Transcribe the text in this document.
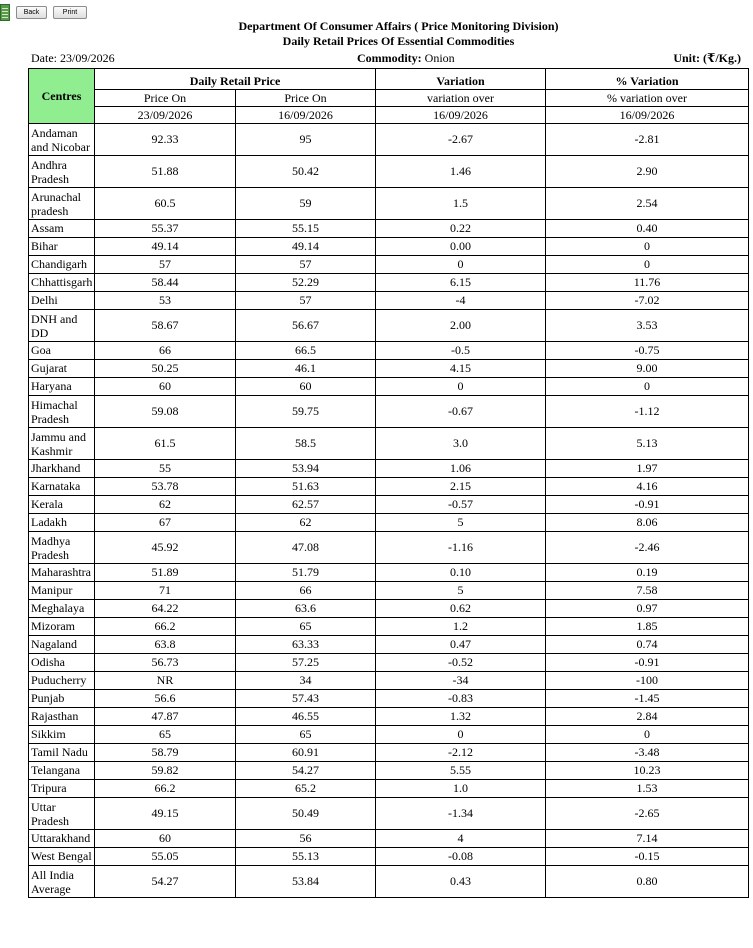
Back	Print
Department Of Consumer Affairs ( Price Monitoring Division)
Daily Retail Prices Of Essential Commodities
Date: 23/09/2026	Commodity: Onion	Unit: (₹/Kg.)
Centres	Daily Retail Price		Variation	% Variation
	Price On	Price On	variation over	% variation over
	23/09/2026	16/09/2026	16/09/2026	16/09/2026
Andaman
and Nicobar	92.33	95	-2.67	-2.81
Andhra
Pradesh	51.88	50.42	1.46	2.90
Arunachal
pradesh	60.5	59	1.5	2.54
Assam	55.37	55.15	0.22	0.40
Bihar	49.14	49.14	0.00	0
Chandigarh	57	57	0	0
Chhattisgarh	58.44	52.29	6.15	11.76
Delhi	53	57	-4	-7.02
DNH and
DD	58.67	56.67	2.00	3.53
Goa	66	66.5	-0.5	-0.75
Gujarat	50.25	46.1	4.15	9.00
Haryana	60	60	0	0
Himachal
Pradesh	59.08	59.75	-0.67	-1.12
Jammu and
Kashmir	61.5	58.5	3.0	5.13
Jharkhand	55	53.94	1.06	1.97
Karnataka	53.78	51.63	2.15	4.16
Kerala	62	62.57	-0.57	-0.91
Ladakh	67	62	5	8.06
Madhya
Pradesh	45.92	47.08	-1.16	-2.46
Maharashtra	51.89	51.79	0.10	0.19
Manipur	71	66	5	7.58
Meghalaya	64.22	63.6	0.62	0.97
Mizoram	66.2	65	1.2	1.85
Nagaland	63.8	63.33	0.47	0.74
Odisha	56.73	57.25	-0.52	-0.91
Puducherry	NR	34	-34	-100
Punjab	56.6	57.43	-0.83	-1.45
Rajasthan	47.87	46.55	1.32	2.84
Sikkim	65	65	0	0
Tamil Nadu	58.79	60.91	-2.12	-3.48
Telangana	59.82	54.27	5.55	10.23
Tripura	66.2	65.2	1.0	1.53
Uttar
Pradesh	49.15	50.49	-1.34	-2.65
Uttarakhand	60	56	4	7.14
West Bengal	55.05	55.13	-0.08	-0.15
All India
Average	54.27	53.84	0.43	0.80
